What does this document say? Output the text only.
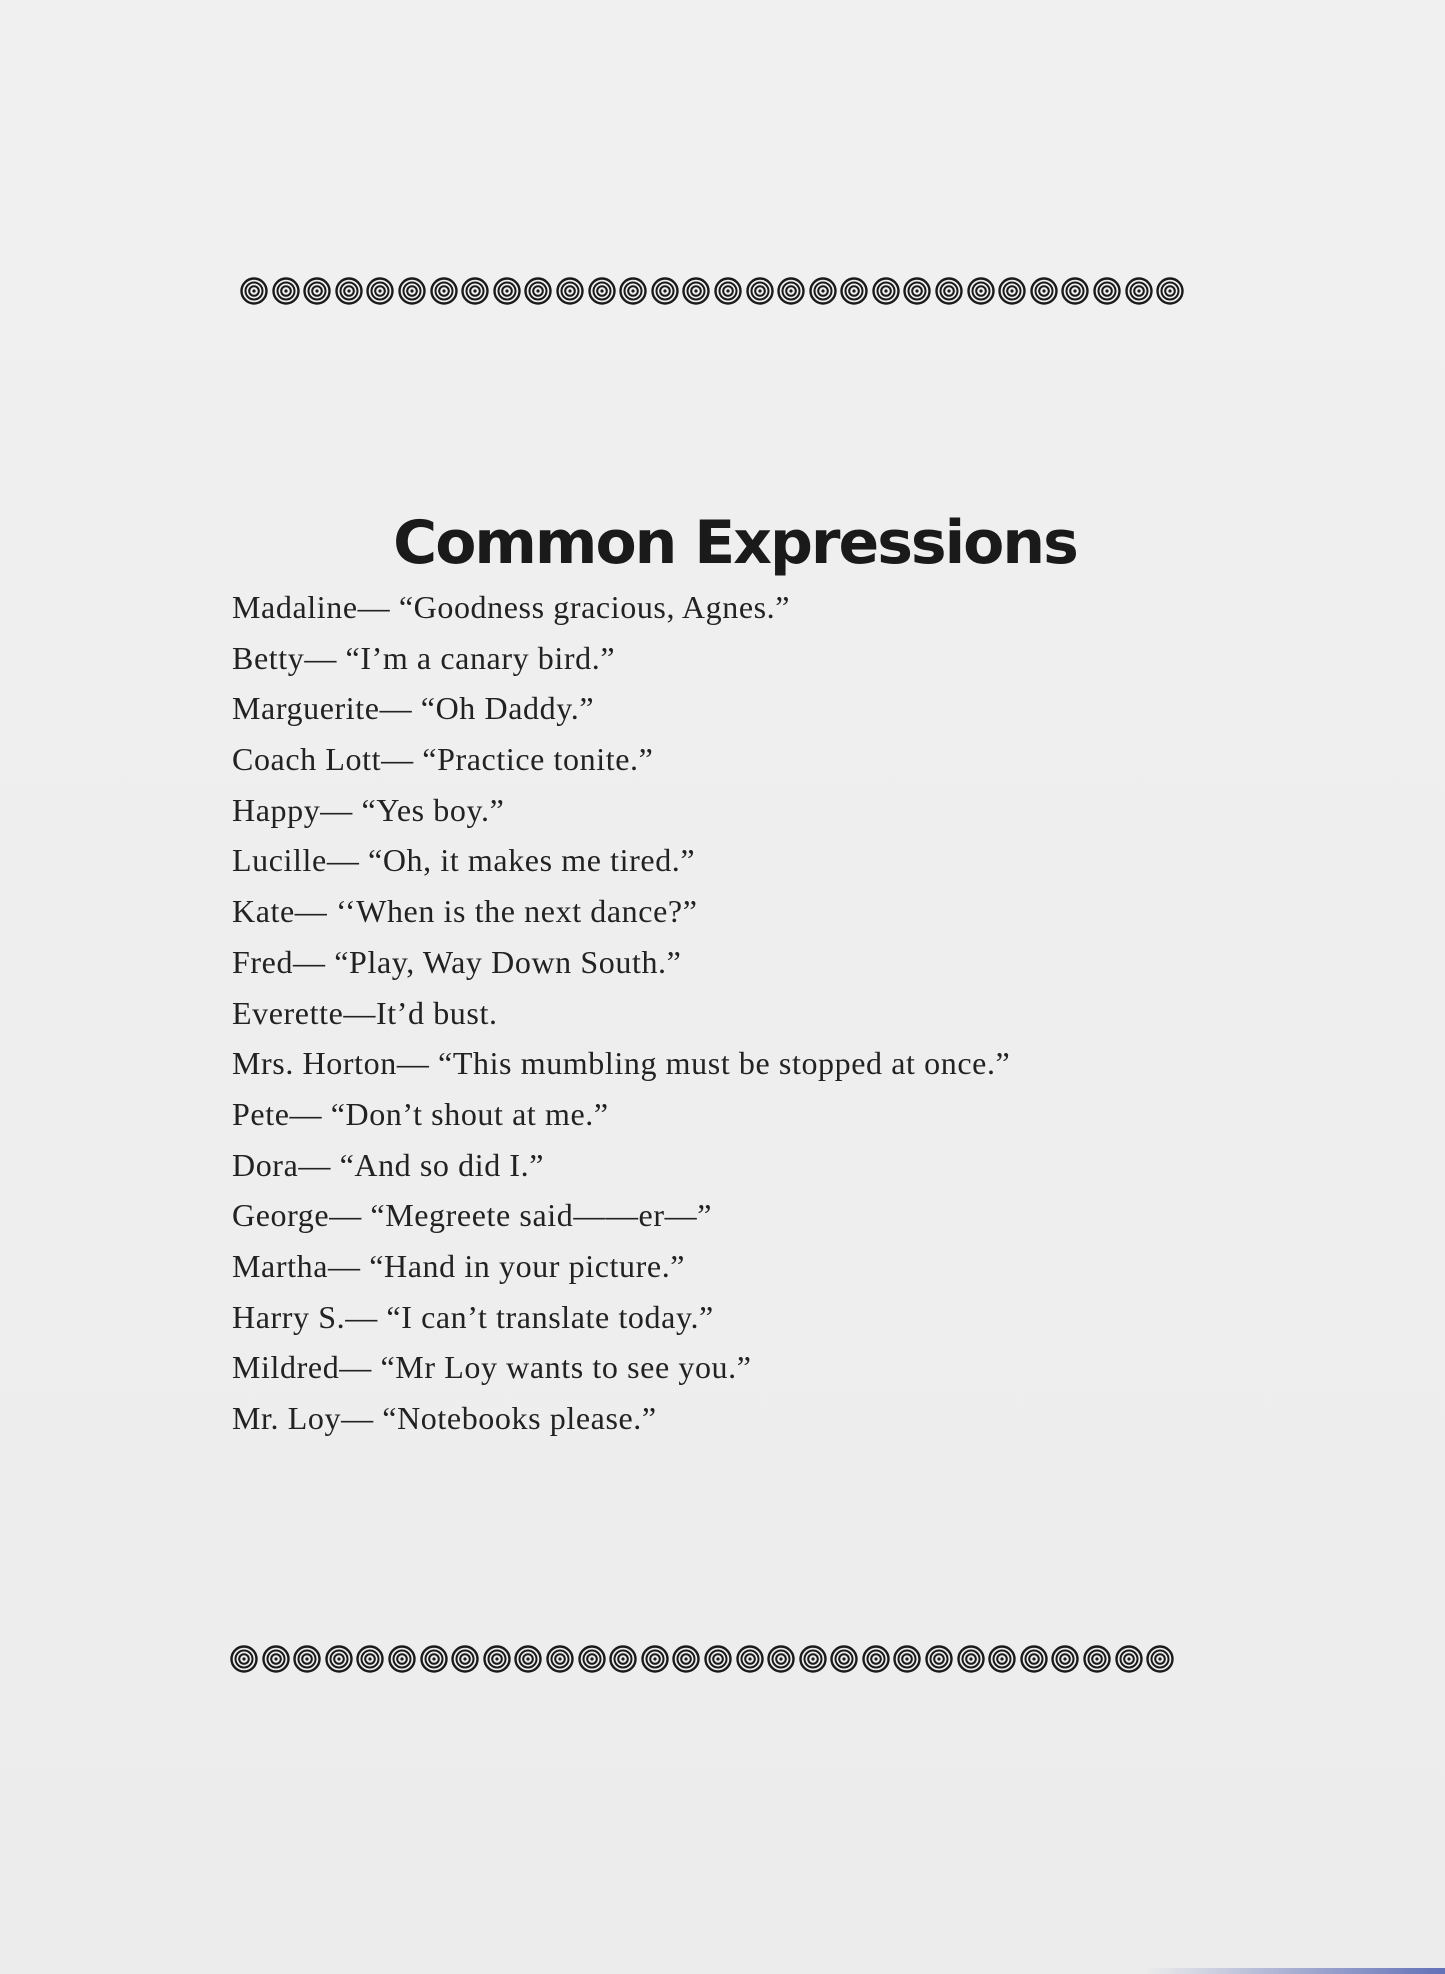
Common Expressions
Madaline— “Goodness gracious, Agnes.”
Betty— “I’m a canary bird.”
Marguerite— “Oh Daddy.”
Coach Lott— “Practice tonite.”
Happy— “Yes boy.”
Lucille— “Oh, it makes me tired.”
Kate— ‘‘When is the next dance?”
Fred— “Play, Way Down South.”
Everette—It’d bust.
Mrs. Horton— “This mumbling must be stopped at once.”
Pete— “Don’t shout at me.”
Dora— “And so did I.”
George— “Megreete said——er—”
Martha— “Hand in your picture.”
Harry S.— “I can’t translate today.”
Mildred— “Mr Loy wants to see you.”
Mr. Loy— “Notebooks please.”
